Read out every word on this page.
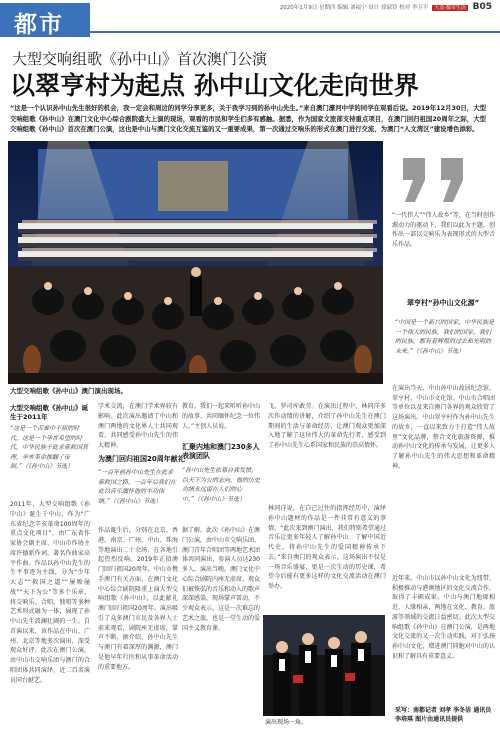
都市
2020年1月9日 星期四 编辑 刘福宁 设计 徐淑铃 校对 李卫平 大众·都市生活 B05
大型交响组歌《孙中山》首次澳门公演
以翠亨村为起点 孙中山文化走向世界
“这是一个认识孙中山先生很好的机会，我一定会和周边的同学分享更多，关于我学习到的孙中山先生。”来自澳门濠河中学的同学在观看后说。2019年12月30日，大型交响组歌《孙中山》在澳门文化中心综合剧院盛大上演的现场，观看的市民和学生们多有感触。据悉，作为国家文旅部支持重点项目，在澳门回归祖国20周年之际，大型交响组歌《孙中山》首次在澳门公演，这也是中山与澳门文化交流互鉴的又一重要成果，第一次通过交响乐的形式在澳门进行交流，为澳门“人文湾区”建设增色添彩。
大型交响组歌《孙中山》澳门演出现场。
“一代伟人”“伟人故乡”等，在当时创作源动力的驱动下，我们以此为主题，创作出一部以交响乐为表现形式的大型音乐作品。
翠亨村“孙中山文化源”
“中国是一个新兴的国家，中华民族是一个伟大的民族，我们的国家、我们的民族，都有着辉煌的过去和光明的未来。”（《孙中山》节选）
在演出当天，中山孙中山故居纪念馆、翠亨村、中山市文化馆、中山市合唱团等单位以及来自澳门各界的观众欣赏了这场演出。中山翠亨村作为孙中山先生的故乡，一直以来致力于打造“伟人故里”文化品牌，整合文化旅游资源，推动孙中山文化的传承与发展，让更多人了解孙中山先生的伟大思想和革命精神。
近年来，中山市以孙中山文化为纽带，积极推动与港澳地区的文化交流合作，取得了丰硕成果。中山与澳门地缘相近、人缘相亲，两地在文化、教育、旅游等领域的交流日益密切。此次大型交响组歌《孙中山》在澳门公演，是两地文化交流的又一次生动实践，对于弘扬孙中山文化、增进澳门同胞对中山的认识和了解具有重要意义。
采写：南都记者 刘孝 李冬洁 通讯员 李培琪 图片由通讯员提供
大型交响组歌《孙中山》诞生于2011年
“这是一个苦难中不屈的时代，这是一个孕育希望的时代，中华民族于此求索救国真理，辛亥革命推翻了帝制。”（《孙中山》节选）
2011年，大型交响组歌《孙中山》诞生于中山，作为“广东省纪念辛亥革命100周年的重点文化项目”，由广东省作家协会副主席、中山市作协主席许德新作词，著名作曲家高平作曲。作品以孙中山先生的生平事迹为主线，分为“少年大志”“救国之道”“屡败屡战”“天下为公”等多个乐章，将交响乐、合唱、独唱等多种艺术形式融为一体，展现了孙中山先生波澜壮阔的一生。自首演以来，该作品在中山、广州、北京等地多次演出，深受观众好评。此次在澳门公演，由中山市交响乐团与澳门的合唱团体共同演绎，近二百名演员同台献艺。
学术交流，在澳门学术界较有影响。此次演出邀请了中山和澳门两地的文化界人士共同观看，共同感受孙中山先生的伟大精神。
为澳门回归祖国20周年献礼
“一百年前孙中山先生在此求索救国之路，一百年后我们在此以音乐缅怀他的丰功伟绩。”（《孙中山》节选）
作品诞生后，分别在北京、香港、南京、广州、中山、珠海等地演出二十余场，在各地引起热烈反响。2019年正值澳门回归祖国20周年，中山市携手澳门有关方面，在澳门文化中心综合剧院隆重上演大型交响组歌《孙中山》，以此献礼澳门回归祖国20周年。演出吸引了众多澳门市民及各界人士前来观看，剧院座无虚席，掌声不断。据介绍，孙中山先生与澳门有着深厚的渊源，澳门是他早年行医和从事革命活动的重要地方。
教育，我们一起来听听孙中山的故事，共同缅怀纪念一位伟人。”主创人员说。
汇聚内地和澳门230多人表演团队
“孙中山先生依靠自我发愤，以天下为公的志向，他的历史功绩永远留在人们的心中。”（《孙中山》节选）
据了解，此次《孙中山》在澳门公演，由中山市交响乐团、澳门青年合唱团等两地艺术团体共同演出，参演人员达230多人。演出当晚，澳门文化中心综合剧院内座无虚席，观众们被恢弘的音乐和动人的歌声深深感染，现场掌声雷动，不少观众表示，这是一次难忘的艺术之旅，也是一堂生动的爱国主义教育课。
飞，罗司库敢劳。在演出过程中，林同洋多次作动情的讲解，介绍了孙中山先生在澳门期间的生活与革命经历，让澳门观众更加深入地了解了这位伟大的革命先行者，感受到了孙中山先生心系国家和民族的崇高情怀。
林同洋说，在自己过往的指挥经历中，演绎孙中山题材的作品是一件非常有意义的事情。“此次来到澳门演出，我们特别希望通过音乐让更多年轻人了解孙中山、了解中国近代史，将孙中山先生的爱国精神传承下去。”来自澳门的观众表示，这场演出不仅是一场音乐盛宴，更是一次生动的历史课，希望今后能有更多这样的文化交流活动在澳门举办。
演出现场一角。
